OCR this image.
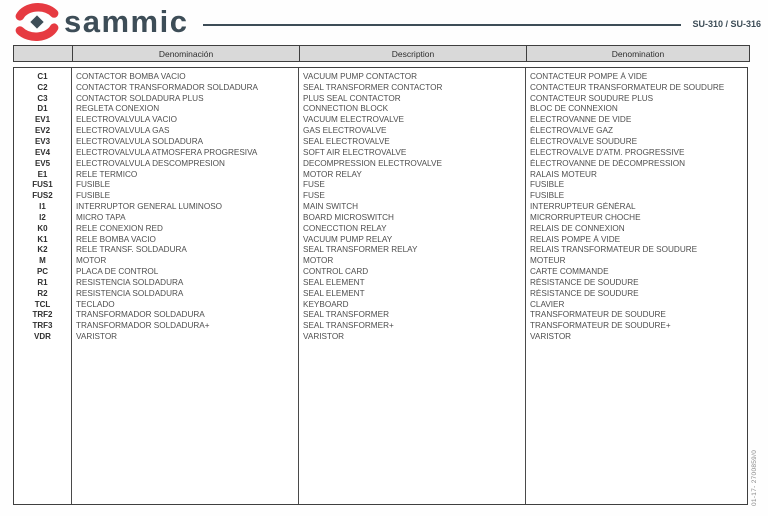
sammic	SU-310 / SU-316
Denominación	Description	Denomination
C1	CONTACTOR BOMBA VACIO	VACUUM PUMP CONTACTOR	CONTACTEUR POMPE À VIDE
C2	CONTACTOR TRANSFORMADOR SOLDADURA	SEAL TRANSFORMER CONTACTOR	CONTACTEUR TRANSFORMATEUR DE SOUDURE
C3	CONTACTOR SOLDADURA PLUS	PLUS SEAL CONTACTOR	CONTACTEUR SOUDURE PLUS
D1	REGLETA CONEXION	CONNECTION BLOCK	BLOC DE CONNEXION
EV1	ELECTROVALVULA VACIO	VACUUM ELECTROVALVE	ELECTROVANNE DE VIDE
EV2	ELECTROVALVULA GAS	GAS ELECTROVALVE	ÉLECTROVALVE GAZ
EV3	ELECTROVALVULA SOLDADURA	SEAL ELECTROVALVE	ÉLECTROVALVE SOUDURE
EV4	ELECTROVALVULA ATMOSFERA PROGRESIVA	SOFT AIR ELECTROVALVE	ELECTROVALVE D'ATM. PROGRESSIVE
EV5	ELECTROVALVULA DESCOMPRESION	DECOMPRESSION ELECTROVALVE	ÉLECTROVANNE DE DÉCOMPRESSION
E1	RELE TERMICO	MOTOR RELAY	RALAIS MOTEUR
FUS1	FUSIBLE	FUSE	FUSIBLE
FUS2	FUSIBLE	FUSE	FUSIBLE
I1	INTERRUPTOR GENERAL LUMINOSO	MAIN SWITCH	INTERRUPTEUR GÉNÉRAL
I2	MICRO TAPA	BOARD MICROSWITCH	MICRORRUPTEUR CHOCHE
K0	RELE CONEXION RED	CONECCTION RELAY	RELAIS DE CONNEXION
K1	RELE BOMBA VACIO	VACUUM PUMP RELAY	RELAIS POMPE À VIDE
K2	RELE TRANSF. SOLDADURA	SEAL TRANSFORMER RELAY	RELAIS TRANSFORMATEUR DE SOUDURE
M	MOTOR	MOTOR	MOTEUR
PC	PLACA DE CONTROL	CONTROL CARD	CARTE COMMANDE
R1	RESISTENCIA SOLDADURA	SEAL ELEMENT	RÉSISTANCE DE SOUDURE
R2	RESISTENCIA SOLDADURA	SEAL ELEMENT	RÉSISTANCE DE SOUDURE
TCL	TECLADO	KEYBOARD	CLAVIER
TRF2	TRANSFORMADOR SOLDADURA	SEAL TRANSFORMER	TRANSFORMATEUR DE SOUDURE
TRF3	TRANSFORMADOR SOLDADURA+	SEAL TRANSFORMER+	TRANSFORMATEUR DE SOUDURE+
VDR	VARISTOR	VARISTOR	VARISTOR
01-17- 2700859/0
